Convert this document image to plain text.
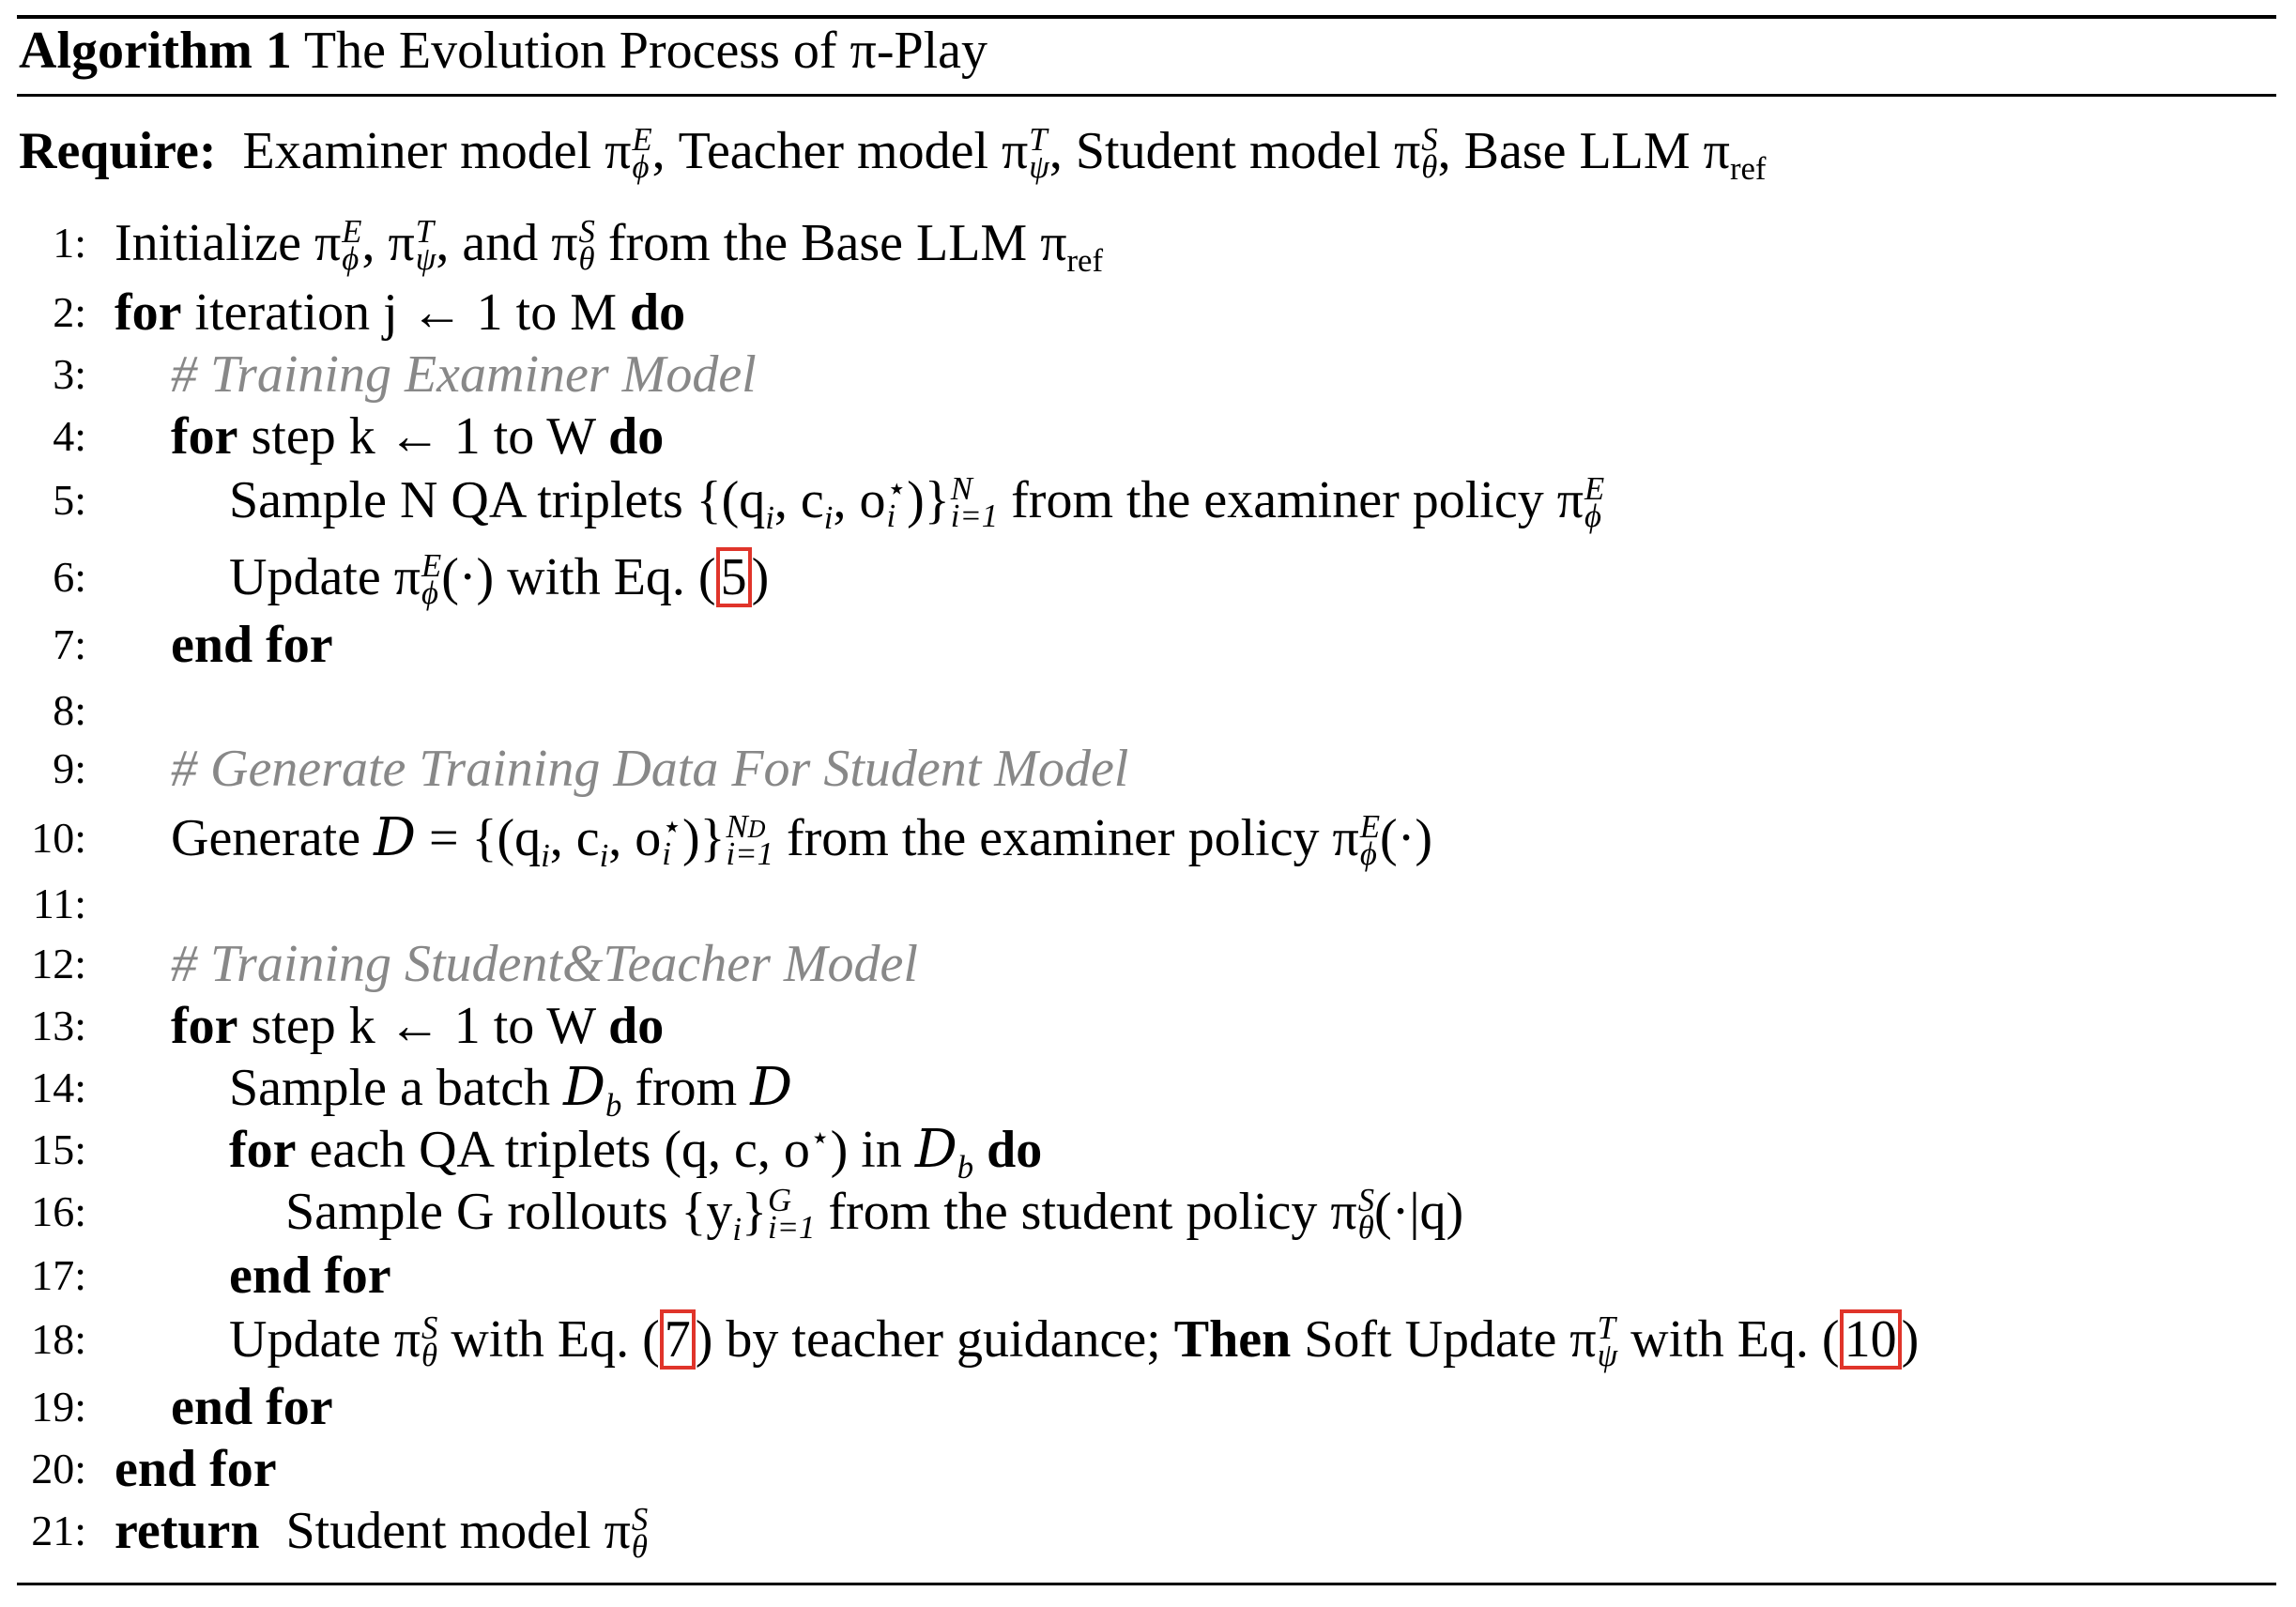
Algorithm 1 The Evolution Process of π-Play
Require: Examiner model π E
ϕ , Teacher model π T
ψ , Student model π S
θ , Base LLM $\pi_{ref}$
1: Initialize π E
ϕ , π T
ψ , and π S
θ from the Base LLM $\pi_{ref}$
2: for iteration j ← 1 to M do
3: # Training Examiner Model
4: for step k ← 1 to W do
5:	Sample N QA triplets {($q_i$, $c_i$, o ⋆
i )} N
i=1 from the examiner policy π E
ϕ
6:	Update π E
ϕ (·) with Eq. (5)
7: end for
8:
9: # Generate Training Data For Student Model
10: Generate $D = \{(q_i$, $c_i$, o ⋆
i )} ND
i=1 from the examiner policy π E
ϕ (·)
11:
12: # Training Student&Teacher Model
13: for step k ← 1 to W do
14:	Sample a batch $D_b$ from D
15:	for each QA triplets (q, c, o⋆) in $D_b$ do
16:	Sample G rollouts $\{y_i\}$ G
i=1 from the student policy π S
θ (·|q)
17:	end for
18:	Update π S
θ with Eq. (7) by teacher guidance; Then Soft Update π T
ψ with Eq. (10)
19: end for
20: end for
21: return  Student model π S
θ
